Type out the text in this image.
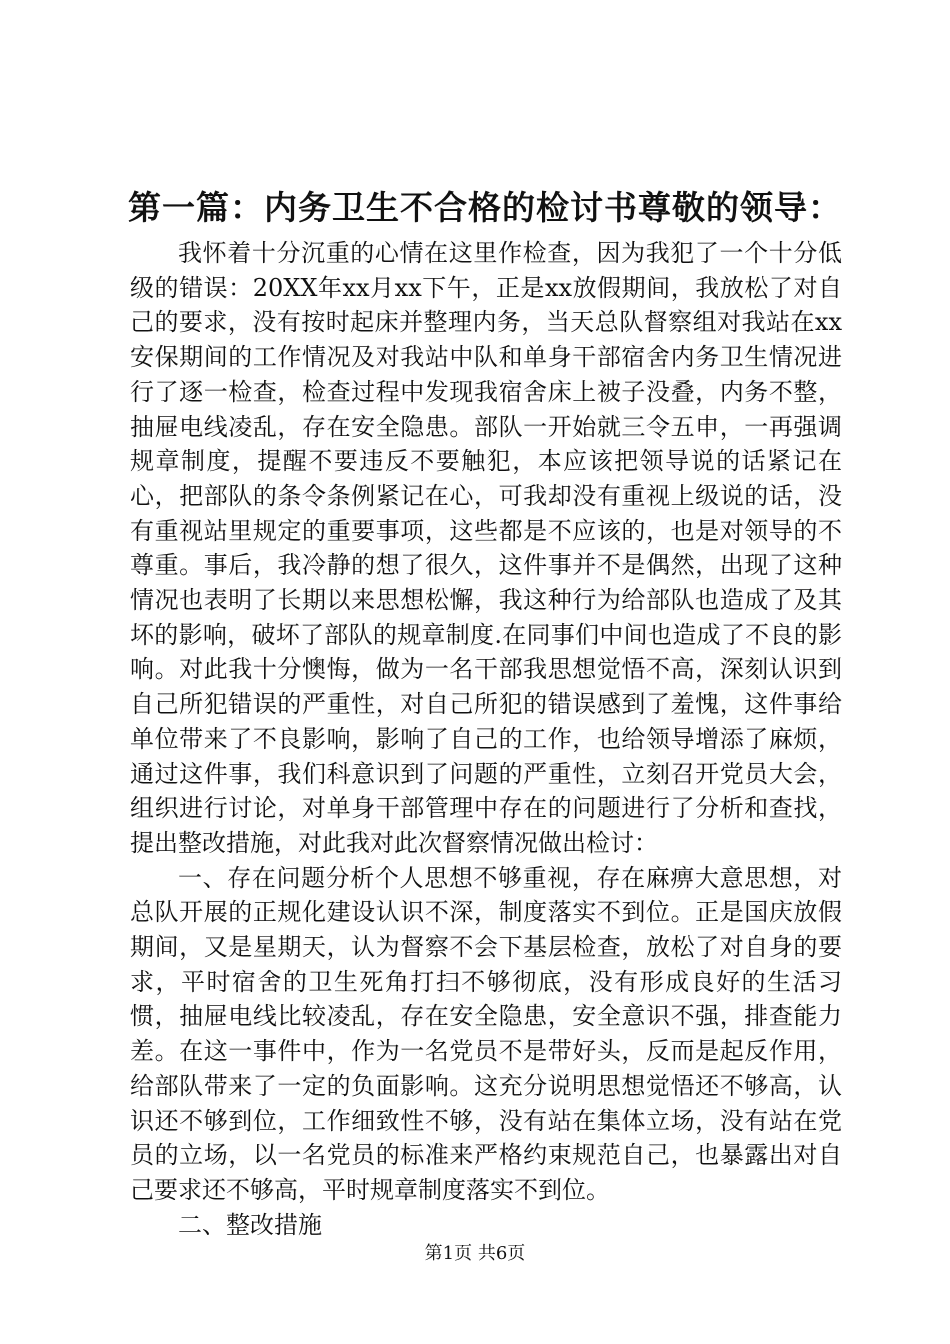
第一篇：内务卫生不合格的检讨书尊敬的领导：

我怀着十分沉重的心情在这里作检查，因为我犯了一个十分低级的错误：20XX年xx月xx下午，正是xx放假期间，我放松了对自己的要求，没有按时起床并整理内务，当天总队督察组对我站在xx安保期间的工作情况及对我站中队和单身干部宿舍内务卫生情况进行了逐一检查，检查过程中发现我宿舍床上被子没叠，内务不整，抽屉电线凌乱，存在安全隐患。部队一开始就三令五申，一再强调规章制度，提醒不要违反不要触犯，本应该把领导说的话紧记在心，把部队的条令条例紧记在心，可我却没有重视上级说的话，没有重视站里规定的重要事项，这些都是不应该的，也是对领导的不尊重。事后，我冷静的想了很久，这件事并不是偶然，出现了这种情况也表明了长期以来思想松懈，我这种行为给部队也造成了及其坏的影响，破坏了部队的规章制度.在同事们中间也造成了不良的影响。对此我十分懊悔，做为一名干部我思想觉悟不高，深刻认识到自己所犯错误的严重性，对自己所犯的错误感到了羞愧，这件事给单位带来了不良影响，影响了自己的工作，也给领导增添了麻烦，通过这件事，我们科意识到了问题的严重性，立刻召开党员大会，组织进行讨论，对单身干部管理中存在的问题进行了分析和查找，提出整改措施，对此我对此次督察情况做出检讨：

一、存在问题分析个人思想不够重视，存在麻痹大意思想，对总队开展的正规化建设认识不深，制度落实不到位。正是国庆放假期间，又是星期天，认为督察不会下基层检查，放松了对自身的要求，平时宿舍的卫生死角打扫不够彻底，没有形成良好的生活习惯，抽屉电线比较凌乱，存在安全隐患，安全意识不强，排查能力差。在这一事件中，作为一名党员不是带好头，反而是起反作用，给部队带来了一定的负面影响。这充分说明思想觉悟还不够高，认识还不够到位，工作细致性不够，没有站在集体立场，没有站在党员的立场，以一名党员的标准来严格约束规范自己，也暴露出对自己要求还不够高，平时规章制度落实不到位。

二、整改措施

第1页 共6页
